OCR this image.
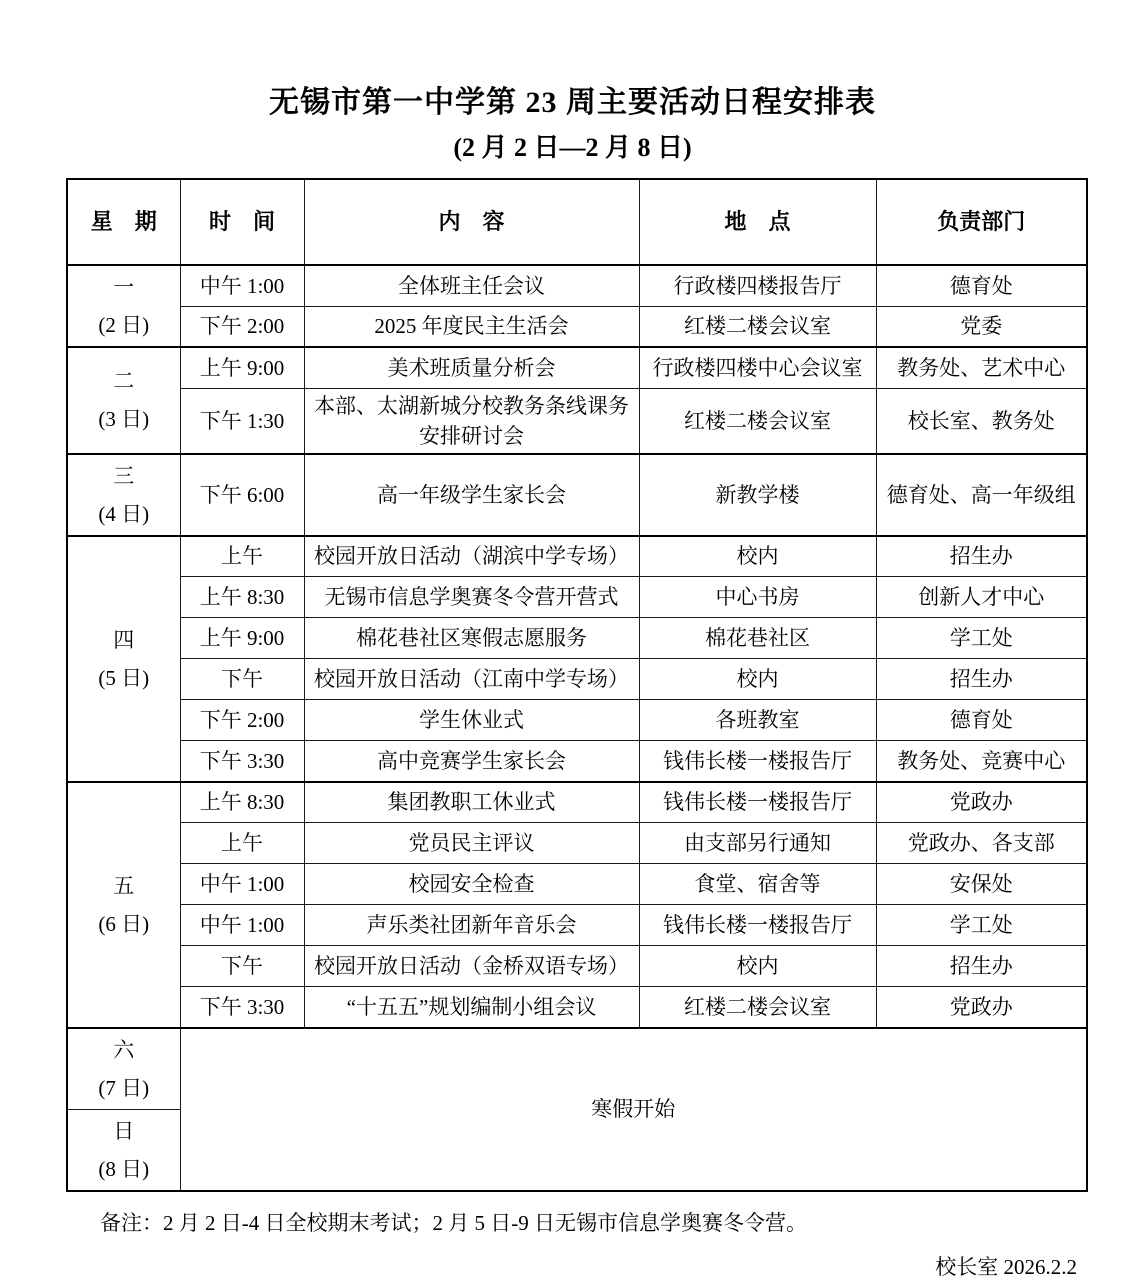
无锡市第一中学第 23 周主要活动日程安排表
(2 月 2 日—2 月 8 日)
星　期	时　间	内　容	地　点	负责部门

一
(2 日)	中午 1:00	全体班主任会议	行政楼四楼报告厅	德育处
	下午 2:00	2025 年度民主生活会	红楼二楼会议室	党委

二
(3 日)	上午 9:00	美术班质量分析会	行政楼四楼中心会议室	教务处、艺术中心
	下午 1:30	本部、太湖新城分校教务条线课务安排研讨会	红楼二楼会议室	校长室、教务处

三
(4 日)	下午 6:00	高一年级学生家长会	新教学楼	德育处、高一年级组

四
(5 日)	上午	校园开放日活动（湖滨中学专场）	校内	招生办
	上午 8:30	无锡市信息学奥赛冬令营开营式	中心书房	创新人才中心
	上午 9:00	棉花巷社区寒假志愿服务	棉花巷社区	学工处
	下午	校园开放日活动（江南中学专场）	校内	招生办
	下午 2:00	学生休业式	各班教室	德育处
	下午 3:30	高中竞赛学生家长会	钱伟长楼一楼报告厅	教务处、竞赛中心

五
(6 日)	上午 8:30	集团教职工休业式	钱伟长楼一楼报告厅	党政办
	上午	党员民主评议	由支部另行通知	党政办、各支部
	中午 1:00	校园安全检查	食堂、宿舍等	安保处
	中午 1:00	声乐类社团新年音乐会	钱伟长楼一楼报告厅	学工处
	下午	校园开放日活动（金桥双语专场）	校内	招生办
	下午 3:30	“十五五”规划编制小组会议	红楼二楼会议室	党政办

六
(7 日)	寒假开始			

日
(8 日)				
备注：2 月 2 日-4 日全校期末考试；2 月 5 日-9 日无锡市信息学奥赛冬令营。
校长室 2026.2.2
